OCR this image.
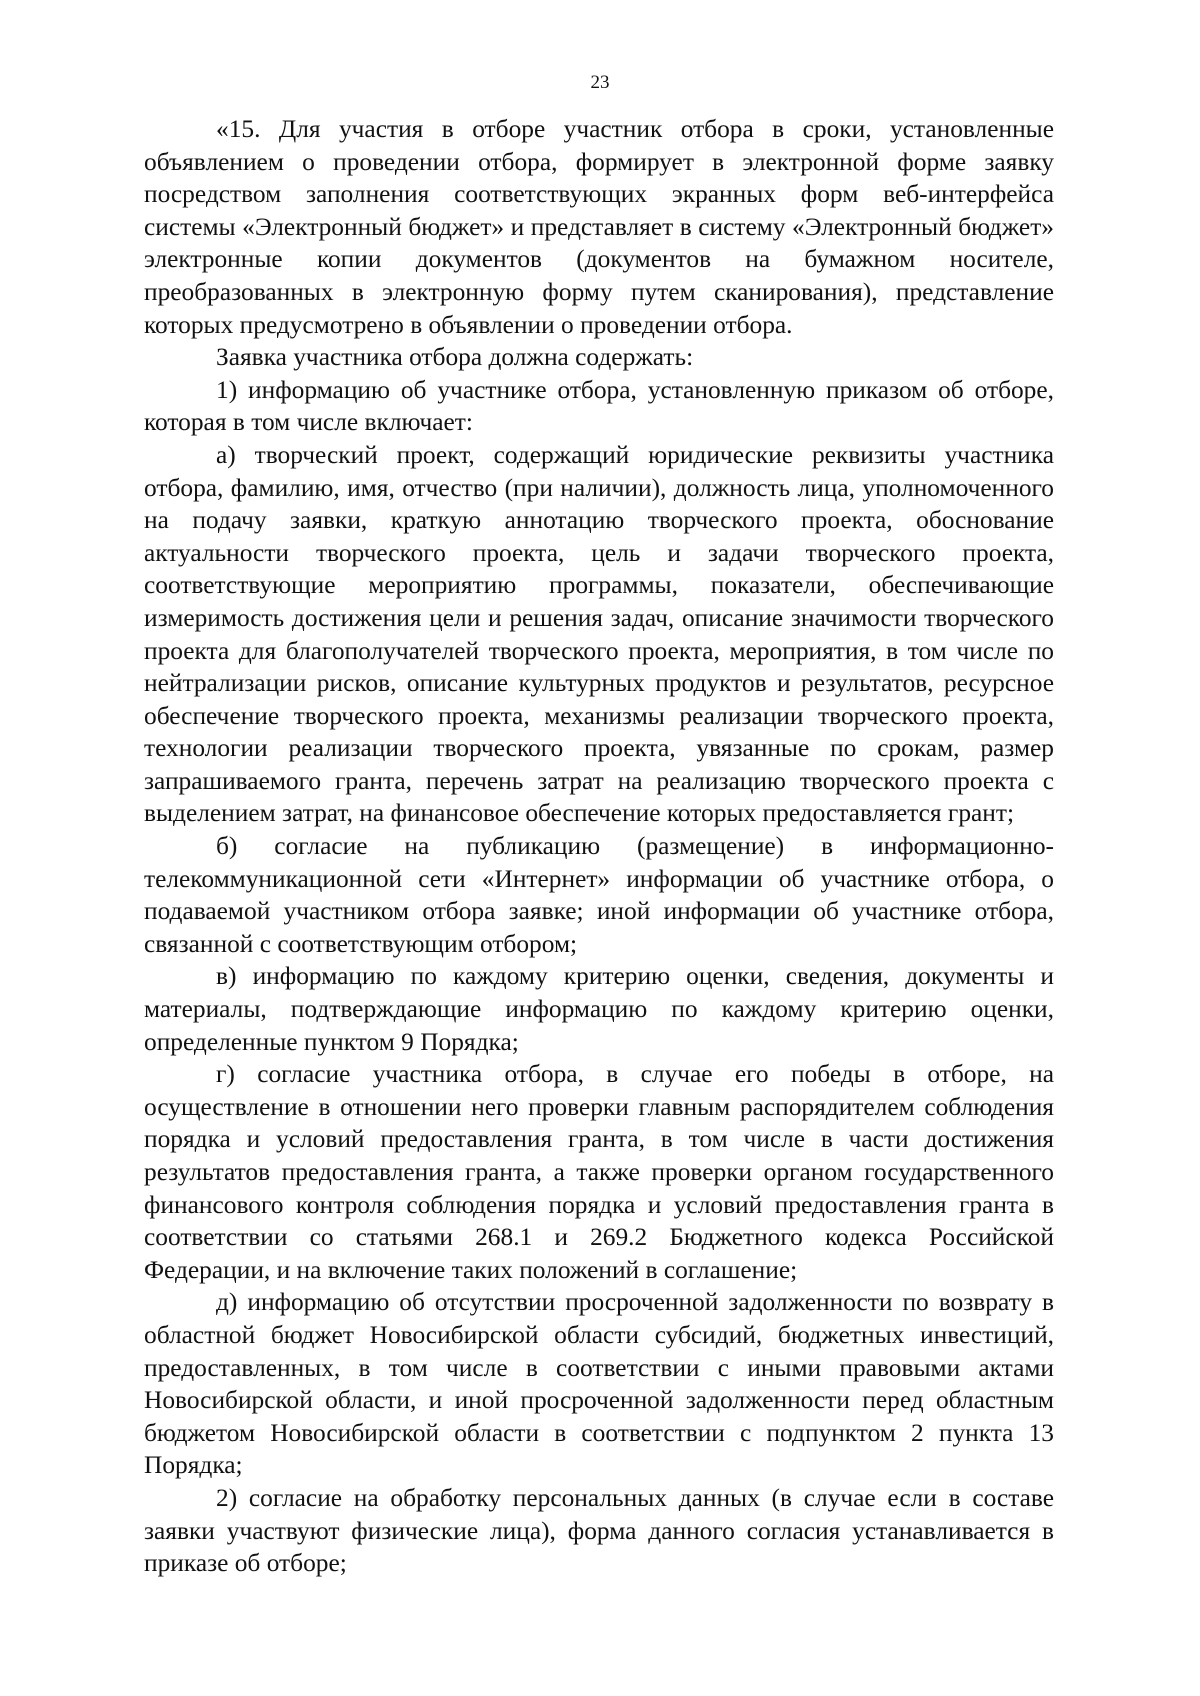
23

«15. Для участия в отборе участник отбора в сроки, установленные объявлением о проведении отбора, формирует в электронной форме заявку посредством заполнения соответствующих экранных форм веб-интерфейса системы «Электронный бюджет» и представляет в систему «Электронный бюджет» электронные копии документов (документов на бумажном носителе, преобразованных в электронную форму путем сканирования), представление которых предусмотрено в объявлении о проведении отбора.

Заявка участника отбора должна содержать:

1) информацию об участнике отбора, установленную приказом об отборе, которая в том числе включает:

а) творческий проект, содержащий юридические реквизиты участника отбора, фамилию, имя, отчество (при наличии), должность лица, уполномоченного на подачу заявки, краткую аннотацию творческого проекта, обоснование актуальности творческого проекта, цель и задачи творческого проекта, соответствующие мероприятию программы, показатели, обеспечивающие измеримость достижения цели и решения задач, описание значимости творческого проекта для благополучателей творческого проекта, мероприятия, в том числе по нейтрализации рисков, описание культурных продуктов и результатов, ресурсное обеспечение творческого проекта, механизмы реализации творческого проекта, технологии реализации творческого проекта, увязанные по срокам, размер запрашиваемого гранта, перечень затрат на реализацию творческого проекта с выделением затрат, на финансовое обеспечение которых предоставляется грант;

б) согласие на публикацию (размещение) в информационно-телекоммуникационной сети «Интернет» информации об участнике отбора, о подаваемой участником отбора заявке; иной информации об участнике отбора, связанной с соответствующим отбором;

в) информацию по каждому критерию оценки, сведения, документы и материалы, подтверждающие информацию по каждому критерию оценки, определенные пунктом 9 Порядка;

г) согласие участника отбора, в случае его победы в отборе, на осуществление в отношении него проверки главным распорядителем соблюдения порядка и условий предоставления гранта, в том числе в части достижения результатов предоставления гранта, а также проверки органом государственного финансового контроля соблюдения порядка и условий предоставления гранта в соответствии со статьями 268.1 и 269.2 Бюджетного кодекса Российской Федерации, и на включение таких положений в соглашение;

д) информацию об отсутствии просроченной задолженности по возврату в областной бюджет Новосибирской области субсидий, бюджетных инвестиций, предоставленных, в том числе в соответствии с иными правовыми актами Новосибирской области, и иной просроченной задолженности перед областным бюджетом Новосибирской области в соответствии с подпунктом 2 пункта 13 Порядка;

2) согласие на обработку персональных данных (в случае если в составе заявки участвуют физические лица), форма данного согласия устанавливается в приказе об отборе;
